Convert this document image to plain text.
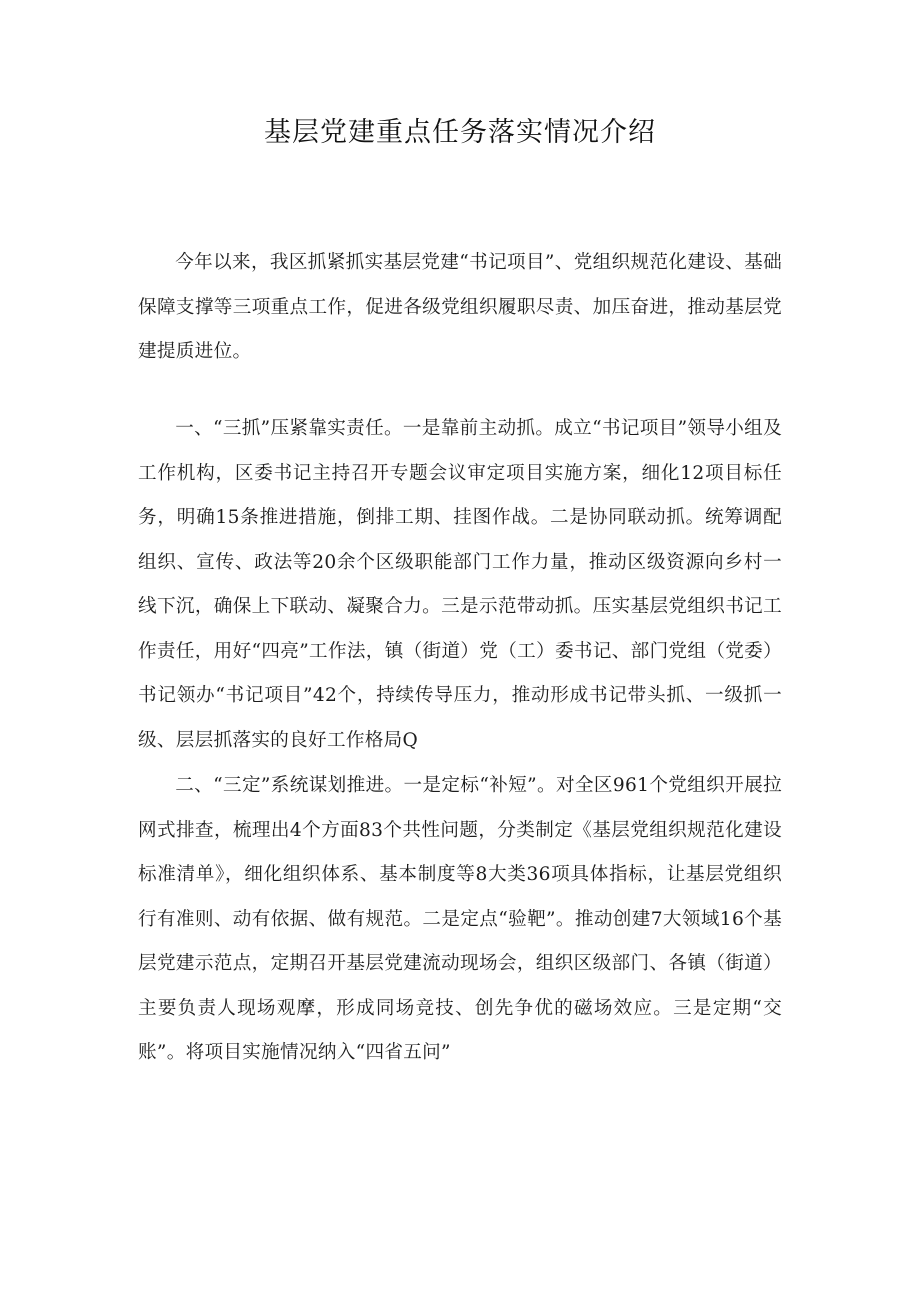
基层党建重点任务落实情况介绍

今年以来，我区抓紧抓实基层党建“书记项目”、党组织规范化建设、基础保障支撑等三项重点工作，促进各级党组织履职尽责、加压奋进，推动基层党建提质进位。

一、“三抓”压紧靠实责任。一是靠前主动抓。成立“书记项目”领导小组及工作机构，区委书记主持召开专题会议审定项目实施方案，细化12项目标任务，明确15条推进措施，倒排工期、挂图作战。二是协同联动抓。统筹调配组织、宣传、政法等20余个区级职能部门工作力量，推动区级资源向乡村一线下沉，确保上下联动、凝聚合力。三是示范带动抓。压实基层党组织书记工作责任，用好“四亮”工作法，镇（街道）党（工）委书记、部门党组（党委）书记领办“书记项目”42个，持续传导压力，推动形成书记带头抓、一级抓一级、层层抓落实的良好工作格局Q

二、“三定”系统谋划推进。一是定标“补短”。对全区961个党组织开展拉网式排查，梳理出4个方面83个共性问题，分类制定《基层党组织规范化建设标准清单》，细化组织体系、基本制度等8大类36项具体指标，让基层党组织行有准则、动有依据、做有规范。二是定点“验靶”。推动创建7大领域16个基层党建示范点，定期召开基层党建流动现场会，组织区级部门、各镇（街道）主要负责人现场观摩，形成同场竞技、创先争优的磁场效应。三是定期“交账”。将项目实施情况纳入“四省五问”
